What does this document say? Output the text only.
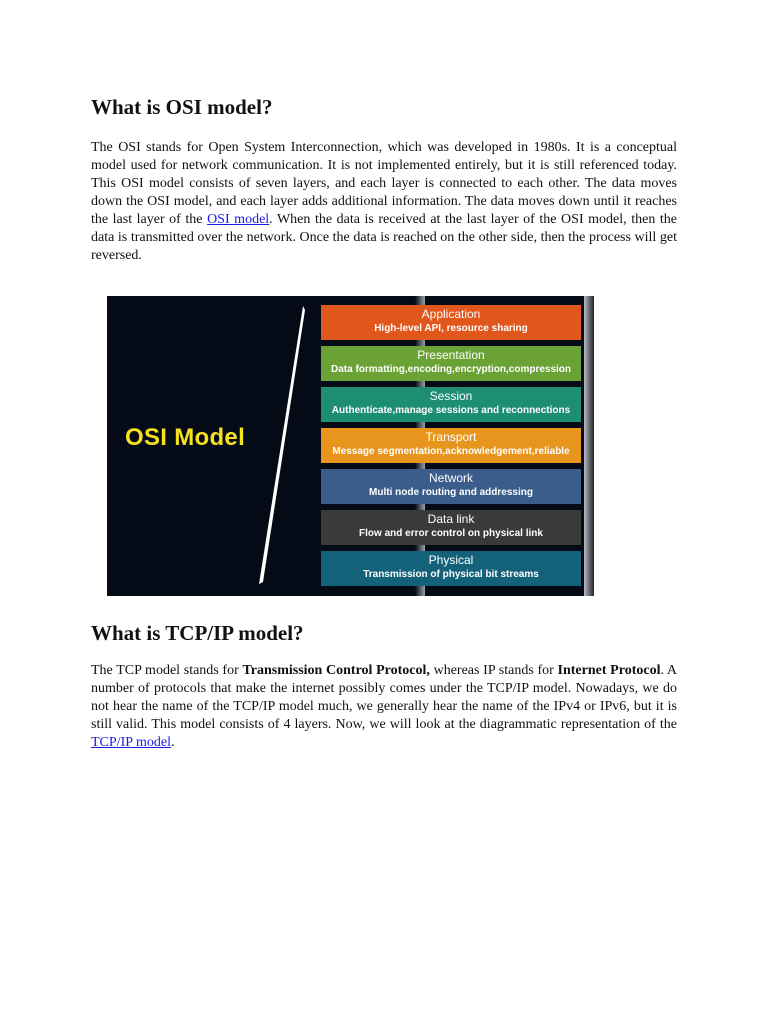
What is OSI model?

The OSI stands for Open System Interconnection, which was developed in 1980s. It is a conceptual model used for network communication. It is not implemented entirely, but it is still referenced today. This OSI model consists of seven layers, and each layer is connected to each other. The data moves down the OSI model, and each layer adds additional information. The data moves down until it reaches the last layer of the OSI model. When the data is received at the last layer of the OSI model, then the data is transmitted over the network. Once the data is reached on the other side, then the process will get reversed.

OSI Model
Application
High-level API, resource sharing
Presentation
Data formatting,encoding,encryption,compression
Session
Authenticate,manage sessions and reconnections
Transport
Message segmentation,acknowledgement,reliable
Network
Multi node routing and addressing
Data link
Flow and error control on physical link
Physical
Transmission of physical bit streams
What is TCP/IP model?

The TCP model stands for Transmission Control Protocol, whereas IP stands for Internet Protocol. A number of protocols that make the internet possibly comes under the TCP/IP model. Nowadays, we do not hear the name of the TCP/IP model much, we generally hear the name of the IPv4 or IPv6, but it is still valid. This model consists of 4 layers. Now, we will look at the diagrammatic representation of the TCP/IP model.
